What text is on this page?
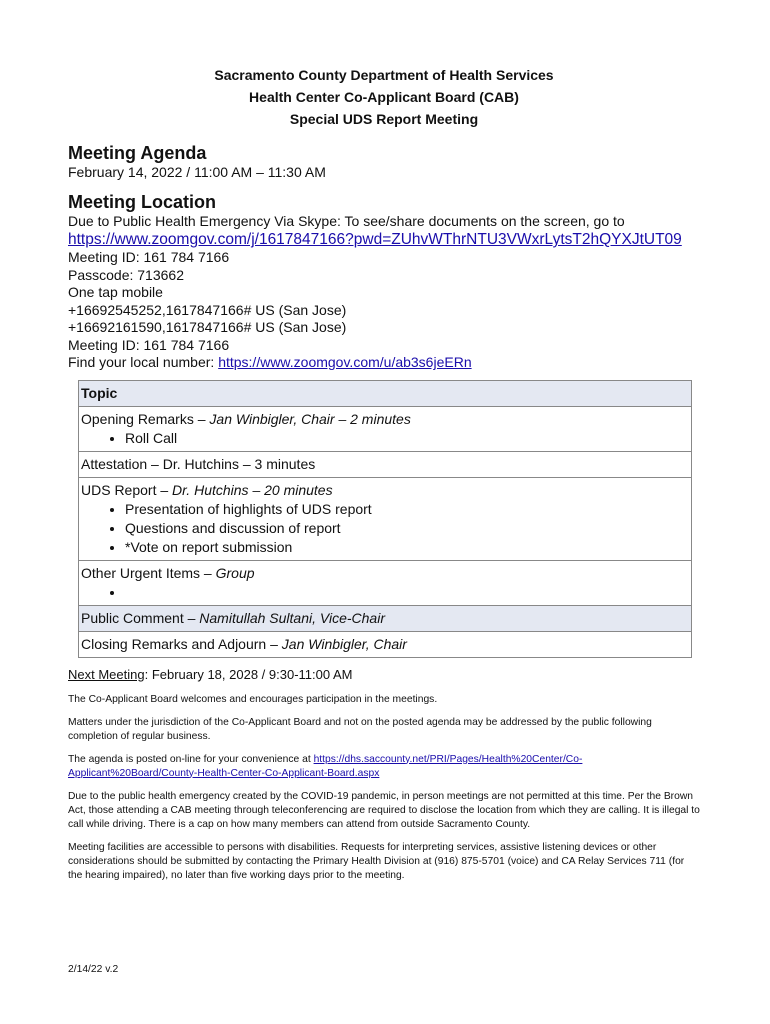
Sacramento County Department of Health Services
Health Center Co-Applicant Board (CAB)
Special UDS Report Meeting
Meeting Agenda
February 14, 2022 / 11:00 AM – 11:30 AM
Meeting Location
Due to Public Health Emergency Via Skype: To see/share documents on the screen, go to
https://www.zoomgov.com/j/1617847166?pwd=ZUhvWThrNTU3VWxrLytsT2hQYXJtUT09
Meeting ID: 161 784 7166
Passcode: 713662
One tap mobile
+16692545252,1617847166# US (San Jose)
+16692161590,1617847166# US (San Jose)
Meeting ID: 161 784 7166
Find your local number: https://www.zoomgov.com/u/ab3s6jeERn
Topic
Opening Remarks – Jan Winbigler, Chair – 2 minutes
• Roll Call

Attestation – Dr. Hutchins – 3 minutes
UDS Report – Dr. Hutchins – 20 minutes
• Presentation of highlights of UDS report
• Questions and discussion of report
• *Vote on report submission

Other Urgent Items – Group
•

Public Comment – Namitullah Sultani, Vice-Chair
Closing Remarks and Adjourn – Jan Winbigler, Chair
Next Meeting: February 18, 2028 / 9:30-11:00 AM
The Co-Applicant Board welcomes and encourages participation in the meetings.
Matters under the jurisdiction of the Co-Applicant Board and not on the posted agenda may be addressed by the public following completion of regular business.
The agenda is posted on-line for your convenience at https://dhs.saccounty.net/PRI/Pages/Health%20Center/Co-Applicant%20Board/County-Health-Center-Co-Applicant-Board.aspx
Due to the public health emergency created by the COVID-19 pandemic, in person meetings are not permitted at this time. Per the Brown Act, those attending a CAB meeting through teleconferencing are required to disclose the location from which they are calling. It is illegal to call while driving. There is a cap on how many members can attend from outside Sacramento County.
Meeting facilities are accessible to persons with disabilities. Requests for interpreting services, assistive listening devices or other considerations should be submitted by contacting the Primary Health Division at (916) 875-5701 (voice) and CA Relay Services 711 (for the hearing impaired), no later than five working days prior to the meeting.
2/14/22 v.2
